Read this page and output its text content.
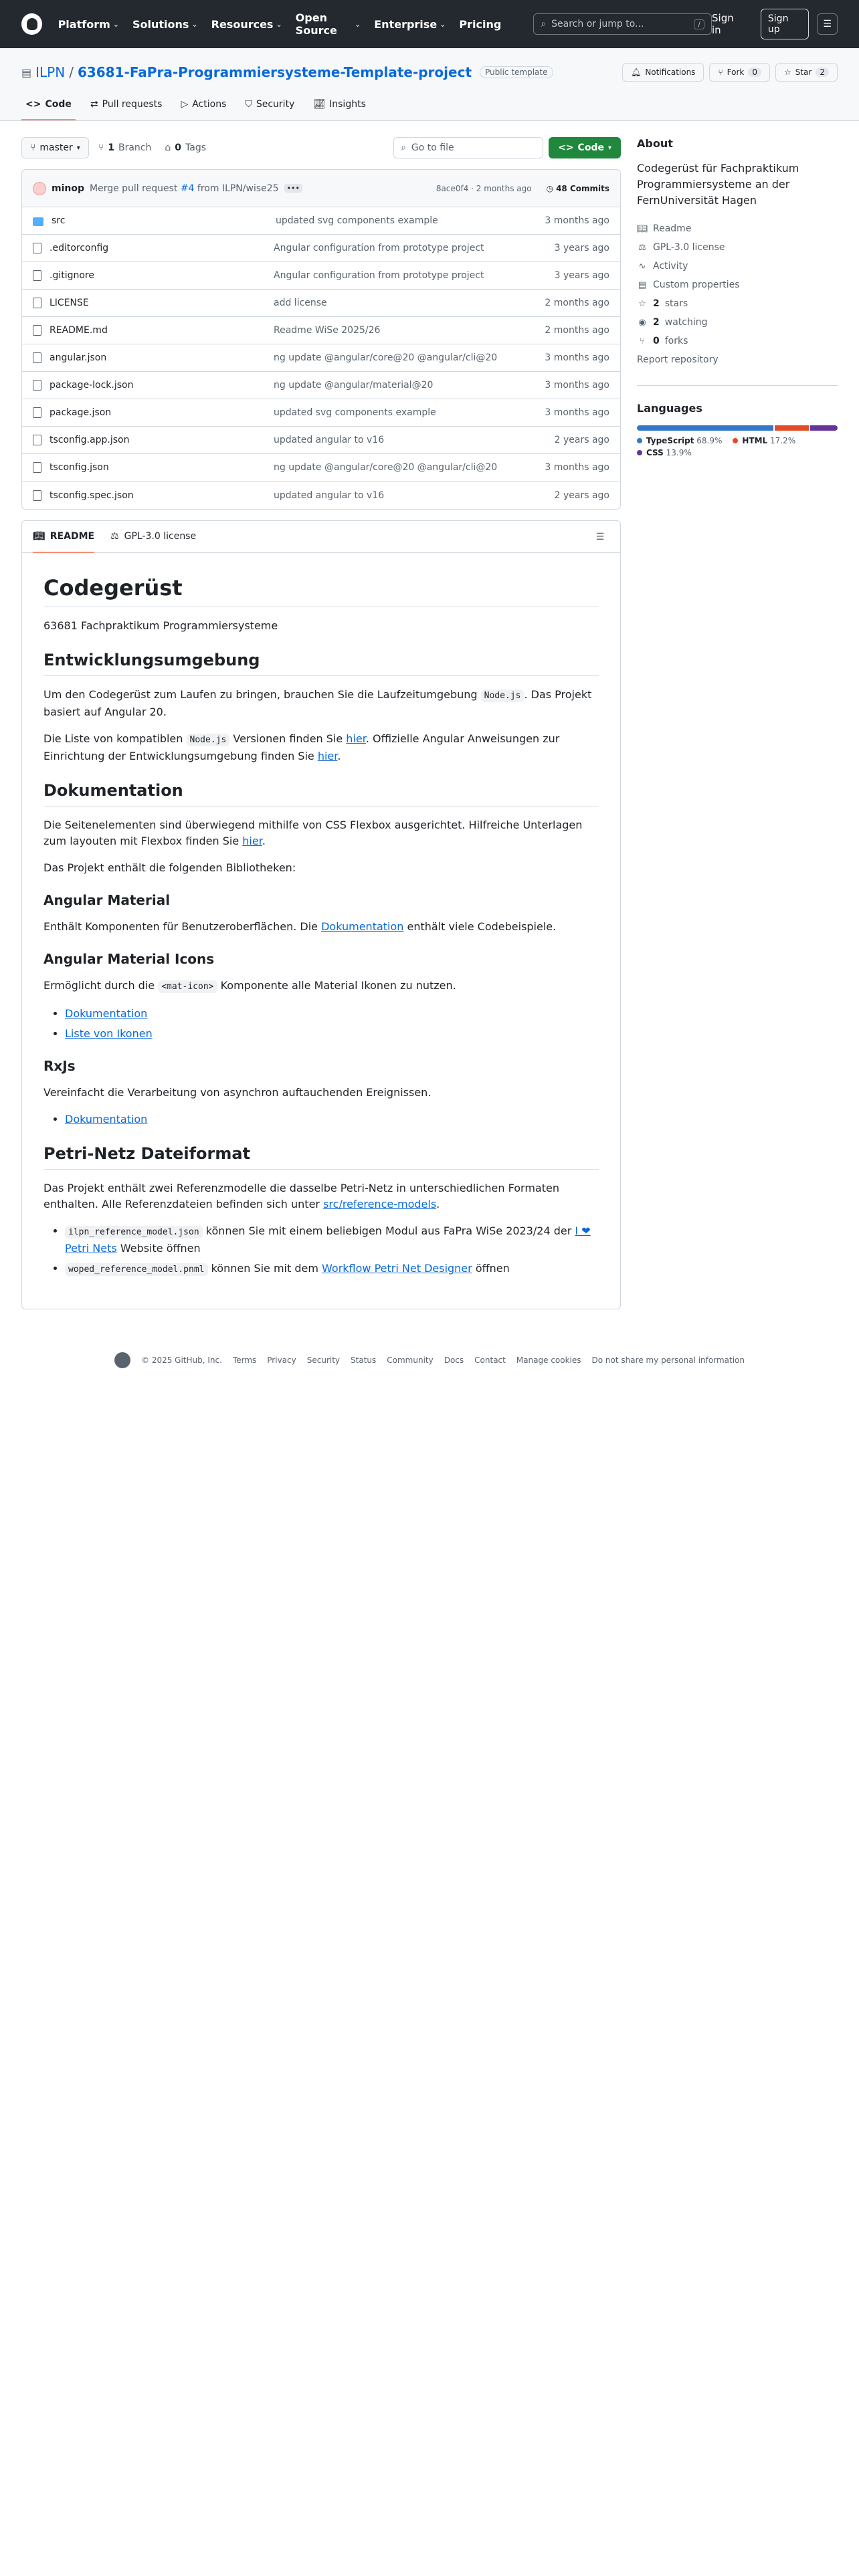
Platform ⌄ Solutions ⌄ Resources ⌄ Open Source	⌄ Enterprise ⌄ Pricing	⌕ Search or jump to...	/	Sign in
Sign up	☰
▤ ILPN / 63681-FaPra-Programmiersysteme-Template-project	Public template	🔔︎ Notifications	⑂ Fork	0	☆ Star	2
<> Code ⇄ Pull requests ▷ Actions ⛉ Security 📈︎ Insights
⑂ master ▾ ⑂ 1 Branch ⌂ 0 Tags	⌕ Go to file	<> Code ▾
minop Merge pull request #4 from ILPN/wise25	•••	8ace0f4 · 2 months ago ◷ 48 Commits
src	updated svg components example	3 months ago
.editorconfig	Angular configuration from prototype project	3 years ago
.gitignore	Angular configuration from prototype project	3 years ago
LICENSE	add license	2 months ago
README.md	Readme WiSe 2025/26	2 months ago
angular.json	ng update @angular/core@20 @angular/cli@20	3 months ago
package-lock.json	ng update @angular/material@20	3 months ago
package.json	updated svg components example	3 months ago
tsconfig.app.json	updated angular to v16	2 years ago
tsconfig.json	ng update @angular/core@20 @angular/cli@20	3 months ago
tsconfig.spec.json	updated angular to v16	2 years ago
📖︎ README ⚖ GPL-3.0 license	☰
Codegerüst

63681 Fachpraktikum Programmiersysteme

Entwicklungsumgebung

Um den Codegerüst zum Laufen zu bringen, brauchen Sie die Laufzeitumgebung Node.js . Das Projekt basiert auf Angular 20.

Die Liste von kompatiblen Node.js Versionen finden Sie hier. Offizielle Angular Anweisungen zur Einrichtung der Entwicklungsumgebung finden Sie hier.

Dokumentation

Die Seitenelementen sind überwiegend mithilfe von CSS Flexbox ausgerichtet. Hilfreiche Unterlagen zum layouten mit Flexbox finden Sie hier.

Das Projekt enthält die folgenden Bibliotheken:

Angular Material

Enthält Komponenten für Benutzeroberflächen. Die Dokumentation enthält viele Codebeispiele.

Angular Material Icons

Ermöglicht durch die <mat-icon> Komponente alle Material Ikonen zu nutzen.

• Dokumentation
• Liste von Ikonen
RxJs

Vereinfacht die Verarbeitung von asynchron auftauchenden Ereignissen.

• Dokumentation
Petri-Netz Dateiformat

Das Projekt enthält zwei Referenzmodelle die dasselbe Petri-Netz in unterschiedlichen Formaten enthalten. Alle Referenzdateien befinden sich unter src/reference-models.

• ilpn_reference_model.json können Sie mit einem beliebigen Modul aus FaPra WiSe 2023/24 der I ❤ Petri Nets Website öffnen
• woped_reference_model.pnml können Sie mit dem Workflow Petri Net Designer öffnen
About

Codegerüst für Fachpraktikum Programmiersysteme an der FernUniversität Hagen

📖︎ Readme
⚖ GPL-3.0 license
∿ Activity
▤ Custom properties
☆ 2 stars
◉ 2 watching
⑂ 0 forks
Report repository
Languages
TypeScript 68.9%	HTML 17.2%
CSS 13.9%
© 2025 GitHub, Inc. Terms Privacy Security Status Community Docs Contact Manage cookies Do not share my personal information
